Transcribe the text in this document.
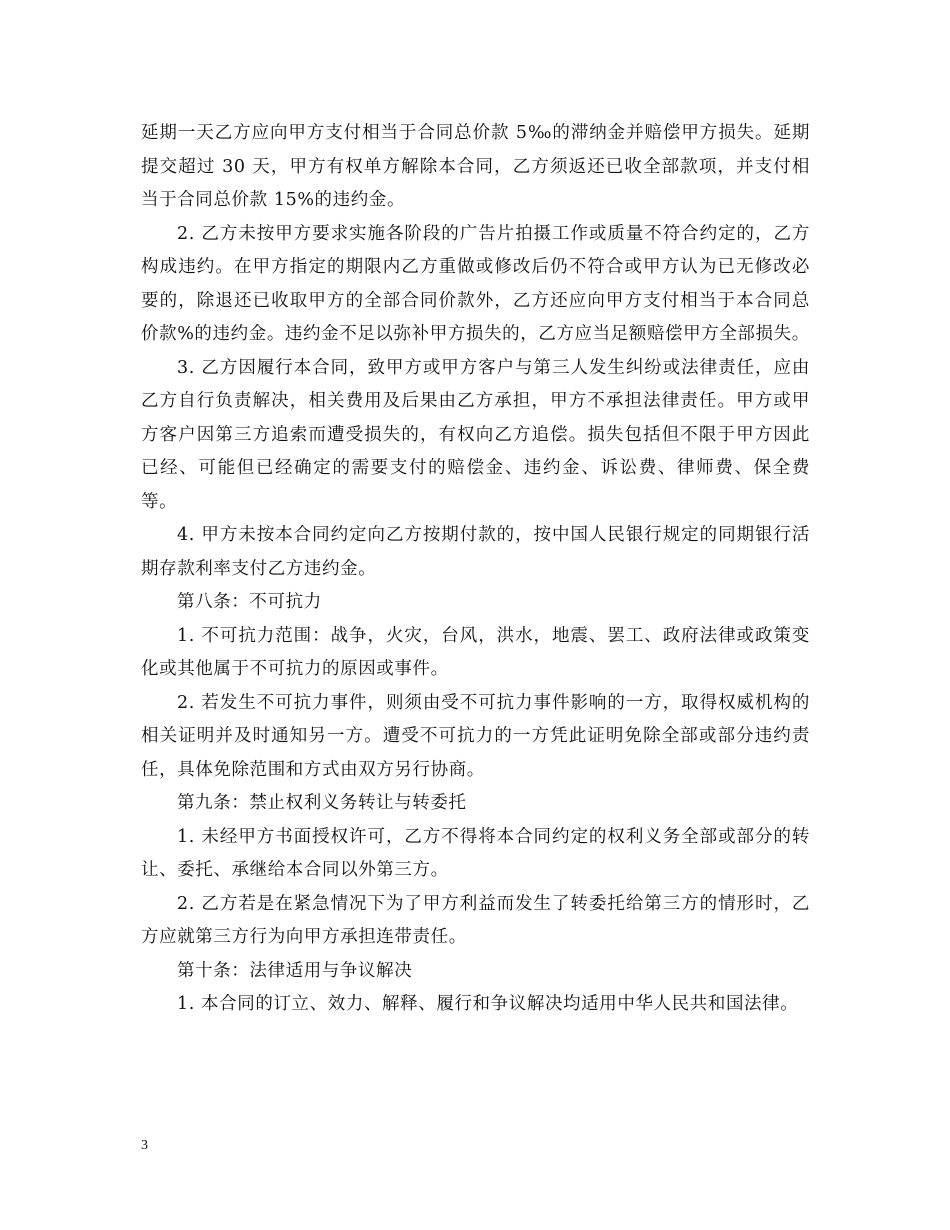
延期一天乙方应向甲方支付相当于合同总价款 5‰的滞纳金并赔偿甲方损失。延期提交超过 30 天，甲方有权单方解除本合同，乙方须返还已收全部款项，并支付相当于合同总价款 15%的违约金。

2. 乙方未按甲方要求实施各阶段的广告片拍摄工作或质量不符合约定的，乙方构成违约。在甲方指定的期限内乙方重做或修改后仍不符合或甲方认为已无修改必要的，除退还已收取甲方的全部合同价款外，乙方还应向甲方支付相当于本合同总价款%的违约金。违约金不足以弥补甲方损失的，乙方应当足额赔偿甲方全部损失。

3. 乙方因履行本合同，致甲方或甲方客户与第三人发生纠纷或法律责任，应由乙方自行负责解决，相关费用及后果由乙方承担，甲方不承担法律责任。甲方或甲方客户因第三方追索而遭受损失的，有权向乙方追偿。损失包括但不限于甲方因此已经、可能但已经确定的需要支付的赔偿金、违约金、诉讼费、律师费、保全费等。

4. 甲方未按本合同约定向乙方按期付款的，按中国人民银行规定的同期银行活期存款利率支付乙方违约金。

第八条：不可抗力

1. 不可抗力范围：战争，火灾，台风，洪水，地震、罢工、政府法律或政策变化或其他属于不可抗力的原因或事件。

2. 若发生不可抗力事件，则须由受不可抗力事件影响的一方，取得权威机构的相关证明并及时通知另一方。遭受不可抗力的一方凭此证明免除全部或部分违约责任，具体免除范围和方式由双方另行协商。

第九条：禁止权利义务转让与转委托

1. 未经甲方书面授权许可，乙方不得将本合同约定的权利义务全部或部分的转让、委托、承继给本合同以外第三方。

2. 乙方若是在紧急情况下为了甲方利益而发生了转委托给第三方的情形时，乙方应就第三方行为向甲方承担连带责任。

第十条：法律适用与争议解决

1. 本合同的订立、效力、解释、履行和争议解决均适用中华人民共和国法律。

3
